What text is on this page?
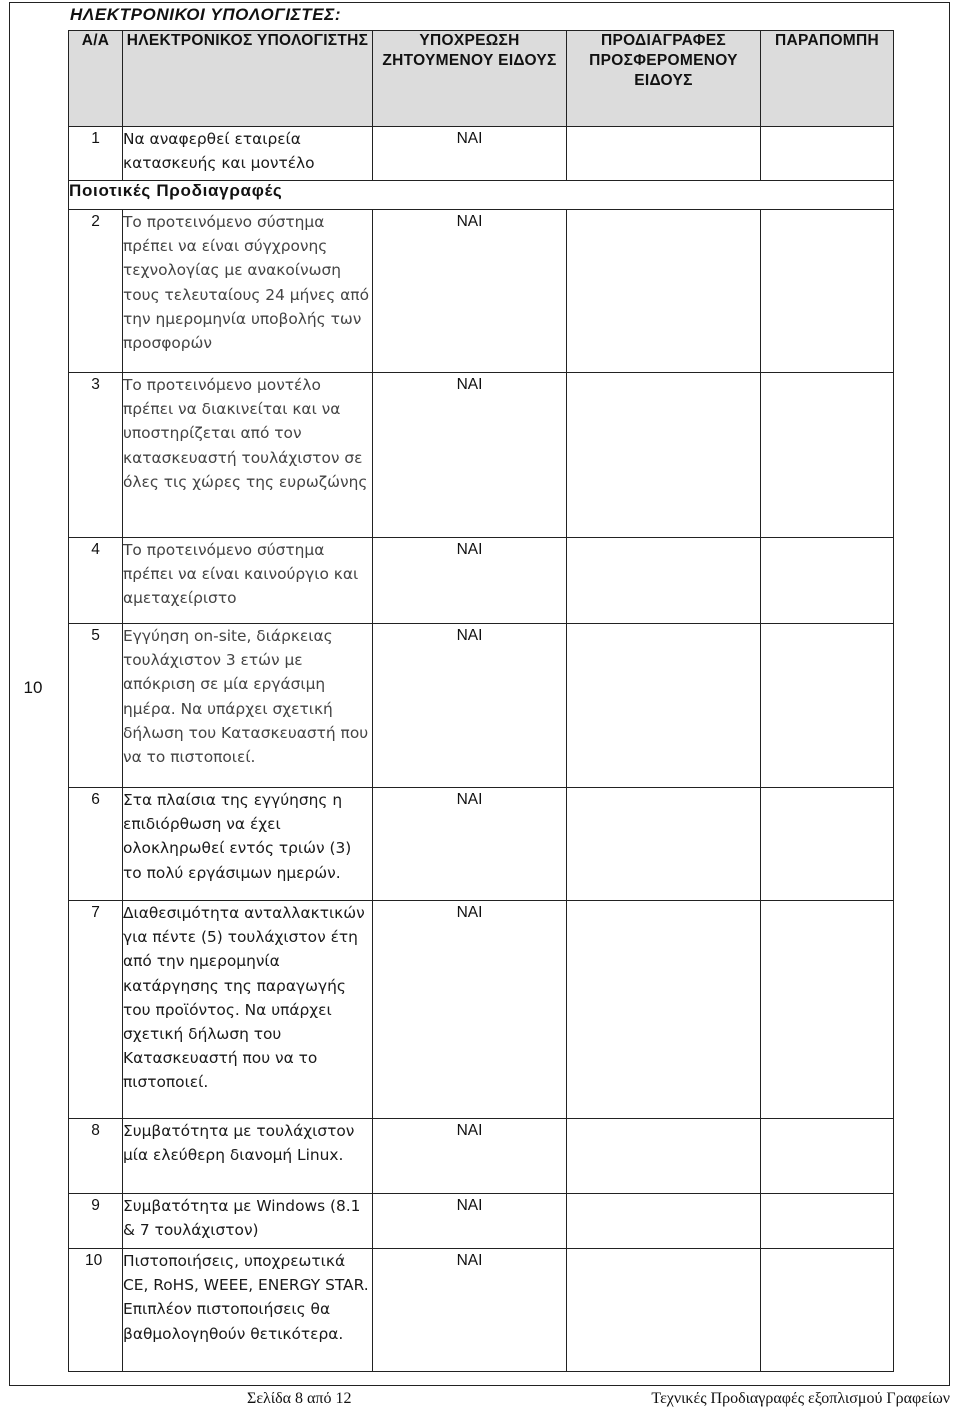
ΗΛΕΚΤΡΟΝΙΚΟΙ ΥΠΟΛΟΓΙΣΤΕΣ:
10
Α/Α	ΗΛΕΚΤΡΟΝΙΚΟΣ ΥΠΟΛΟΓΙΣΤΗΣ	ΥΠΟΧΡΕΩΣΗ ΖΗΤΟΥΜΕΝΟΥ ΕΙΔΟΥΣ	ΠΡΟΔΙΑΓΡΑΦΕΣ ΠΡΟΣΦΕΡΟΜΕΝΟΥ ΕΙΔΟΥΣ	ΠΑΡΑΠΟΜΠΗ
1	Να αναφερθεί εταιρεία κατασκευής και μοντέλο	ΝΑΙ		
Ποιοτικές Προδιαγραφές				
2	Το προτεινόμενο σύστημα πρέπει να είναι σύγχρονης τεχνολογίας με ανακοίνωση τους τελευταίους 24 μήνες από την ημερομηνία υποβολής των προσφορών	ΝΑΙ		
3	Το προτεινόμενο μοντέλο πρέπει να διακινείται και να υποστηρίζεται από τον κατασκευαστή τουλάχιστον σε όλες τις χώρες της ευρωζώνης	ΝΑΙ		
4	Το προτεινόμενο σύστημα πρέπει να είναι καινούργιο και αμεταχείριστο	ΝΑΙ		
5	Εγγύηση on-site, διάρκειας τουλάχιστον 3 ετών με απόκριση σε μία εργάσιμη ημέρα. Να υπάρχει σχετική δήλωση του Κατασκευαστή που να το πιστοποιεί.	ΝΑΙ		
6	Στα πλαίσια της εγγύησης η επιδιόρθωση να έχει ολοκληρωθεί εντός τριών (3) το πολύ εργάσιμων ημερών.	ΝΑΙ		
7	Διαθεσιμότητα ανταλλακτικών για πέντε (5) τουλάχιστον έτη από την ημερομηνία κατάργησης της παραγωγής του προϊόντος. Να υπάρχει σχετική δήλωση του Κατασκευαστή που να το πιστοποιεί.	ΝΑΙ		
8	Συμβατότητα με τουλάχιστον μία ελεύθερη διανομή Linux.	ΝΑΙ		
9	Συμβατότητα με Windows (8.1 & 7 τουλάχιστον)	ΝΑΙ		
10	Πιστοποιήσεις, υποχρεωτικά CE, RoHS, WEEE, ENERGY STAR. Επιπλέον πιστοποιήσεις θα βαθμολογηθούν θετικότερα.	ΝΑΙ		
Σελίδα 8 από 12	Τεχνικές Προδιαγραφές εξοπλισμού Γραφείων
